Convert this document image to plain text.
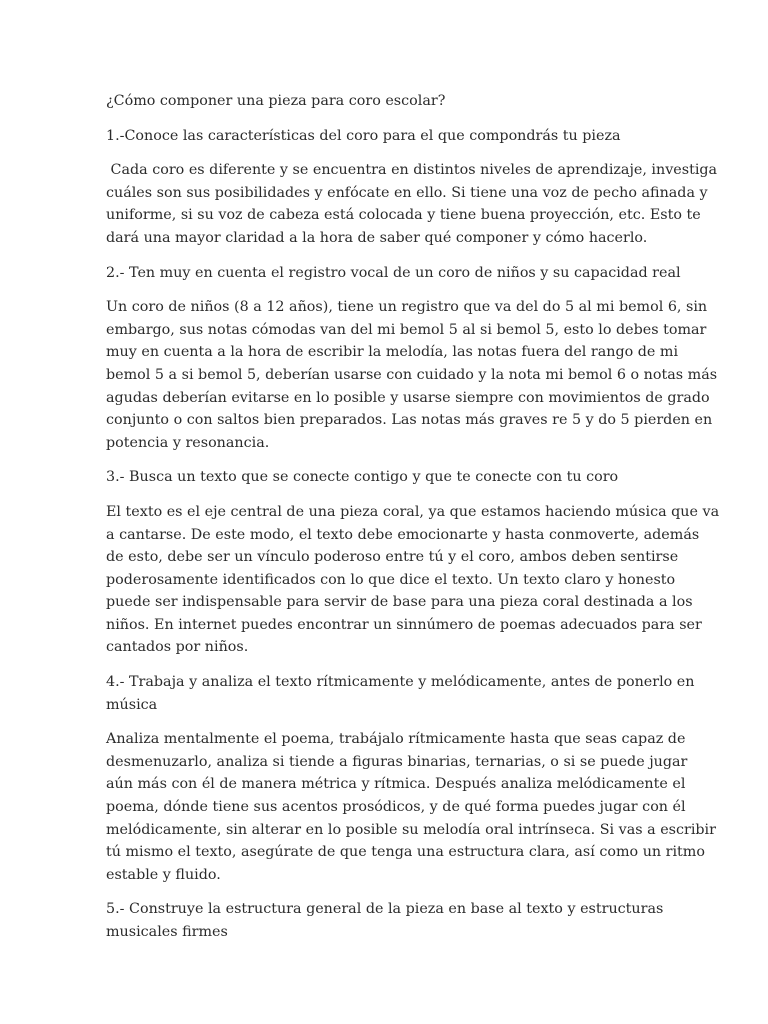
¿Cómo componer una pieza para coro escolar?
1.-Conoce las características del coro para el que compondrás tu pieza
Cada coro es diferente y se encuentra en distintos niveles de aprendizaje, investiga
cuáles son sus posibilidades y enfócate en ello. Si tiene una voz de pecho afinada y
uniforme, si su voz de cabeza está colocada y tiene buena proyección, etc. Esto te
dará una mayor claridad a la hora de saber qué componer y cómo hacerlo.
2.- Ten muy en cuenta el registro vocal de un coro de niños y su capacidad real
Un coro de niños (8 a 12 años), tiene un registro que va del do 5 al mi bemol 6, sin
embargo, sus notas cómodas van del mi bemol 5 al si bemol 5, esto lo debes tomar
muy en cuenta a la hora de escribir la melodía, las notas fuera del rango de mi
bemol 5 a si bemol 5, deberían usarse con cuidado y la nota mi bemol 6 o notas más
agudas deberían evitarse en lo posible y usarse siempre con movimientos de grado
conjunto o con saltos bien preparados. Las notas más graves re 5 y do 5 pierden en
potencia y resonancia.
3.- Busca un texto que se conecte contigo y que te conecte con tu coro
El texto es el eje central de una pieza coral, ya que estamos haciendo música que va
a cantarse. De este modo, el texto debe emocionarte y hasta conmoverte, además
de esto, debe ser un vínculo poderoso entre tú y el coro, ambos deben sentirse
poderosamente identificados con lo que dice el texto. Un texto claro y honesto
puede ser indispensable para servir de base para una pieza coral destinada a los
niños. En internet puedes encontrar un sinnúmero de poemas adecuados para ser
cantados por niños.
4.- Trabaja y analiza el texto rítmicamente y melódicamente, antes de ponerlo en
música
Analiza mentalmente el poema, trabájalo rítmicamente hasta que seas capaz de
desmenuzarlo, analiza si tiende a figuras binarias, ternarias, o si se puede jugar
aún más con él de manera métrica y rítmica. Después analiza melódicamente el
poema, dónde tiene sus acentos prosódicos, y de qué forma puedes jugar con él
melódicamente, sin alterar en lo posible su melodía oral intrínseca. Si vas a escribir
tú mismo el texto, asegúrate de que tenga una estructura clara, así como un ritmo
estable y fluido.
5.- Construye la estructura general de la pieza en base al texto y estructuras
musicales firmes
